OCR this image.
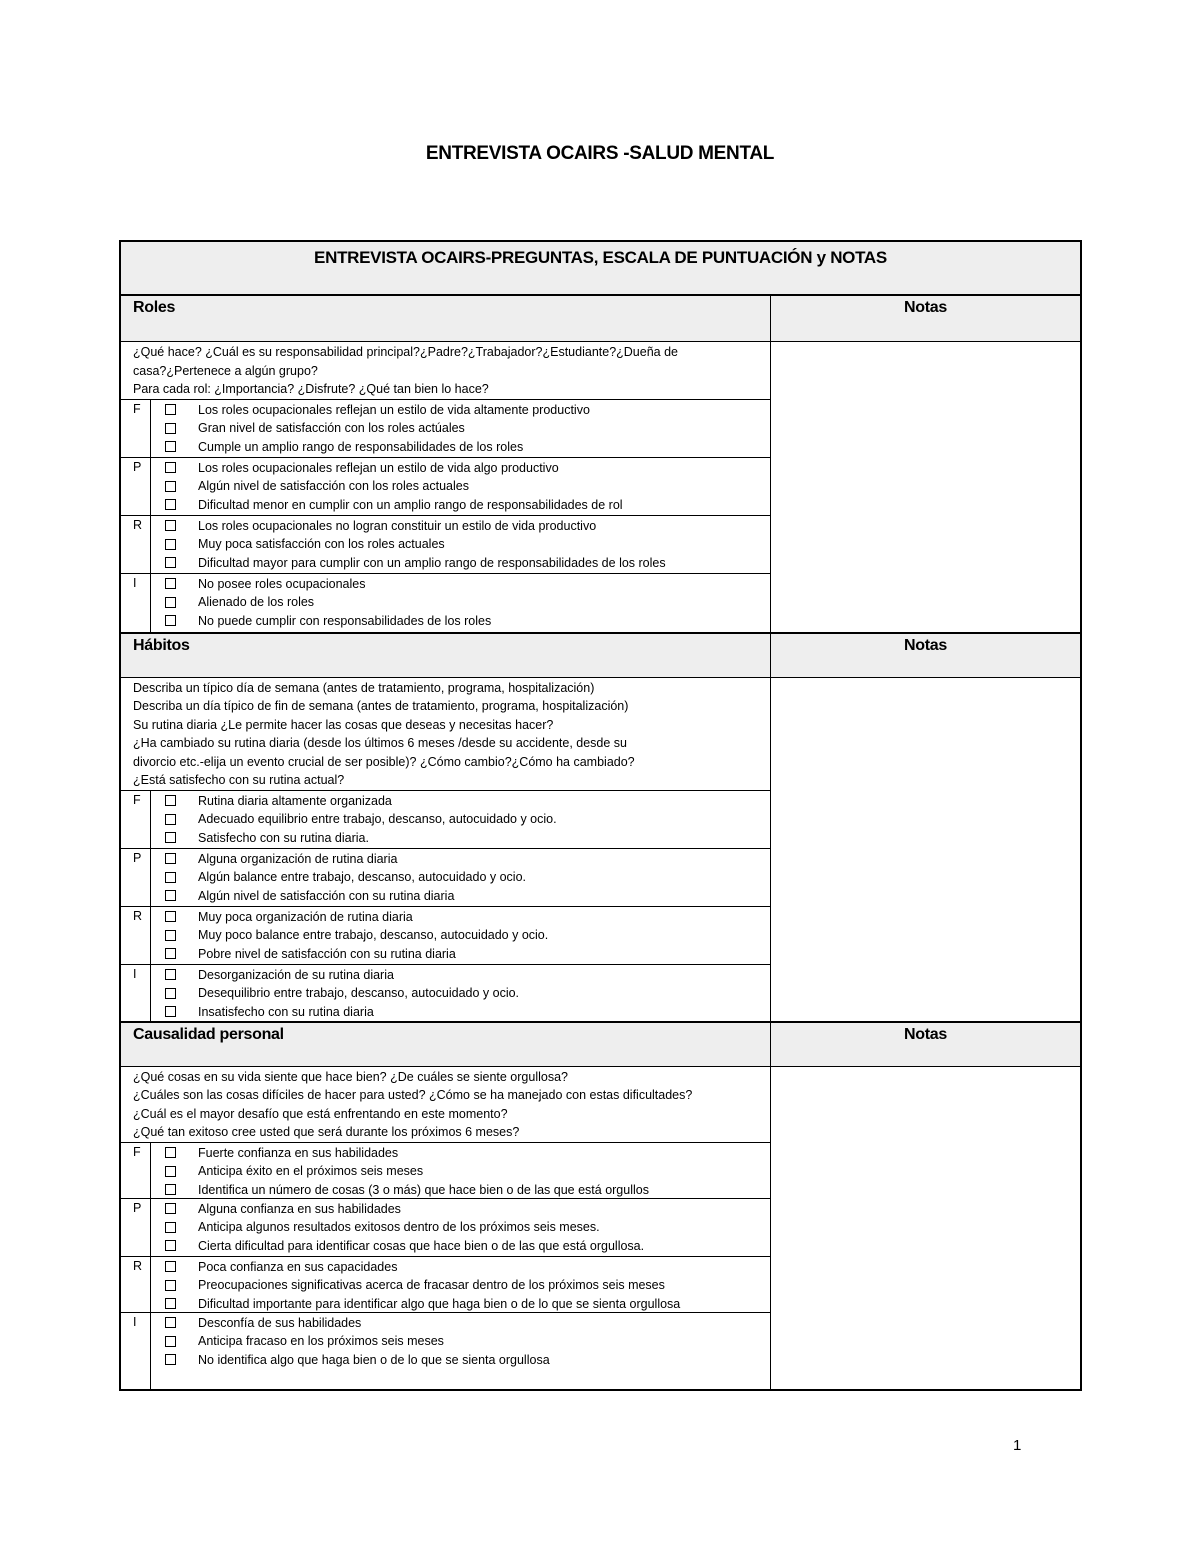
ENTREVISTA OCAIRS -SALUD MENTAL
ENTREVISTA OCAIRS-PREGUNTAS, ESCALA DE PUNTUACIÓN y NOTAS
Roles	Notas
¿Qué hace? ¿Cuál es su responsabilidad principal?¿Padre?¿Trabajador?¿Estudiante?¿Dueña de
casa?¿Pertenece a algún grupo?
Para cada rol: ¿Importancia? ¿Disfrute? ¿Qué tan bien lo hace?
F	Los roles ocupacionales reflejan un estilo de vida altamente productivo
Gran nivel de satisfacción con los roles actúales
Cumple un amplio rango de responsabilidades de los roles
P	Los roles ocupacionales reflejan un estilo de vida algo productivo
Algún nivel de satisfacción con los roles actuales
Dificultad menor en cumplir con un amplio rango de responsabilidades de rol
R	Los roles ocupacionales no logran constituir un estilo de vida productivo
Muy poca satisfacción con los roles actuales
Dificultad mayor para cumplir con un amplio rango de responsabilidades de los roles
I	No posee roles ocupacionales
Alienado de los roles
No puede cumplir con responsabilidades de los roles
Hábitos	Notas
Describa un típico día de semana (antes de tratamiento, programa, hospitalización)
Describa un día típico de fin de semana (antes de tratamiento, programa, hospitalización)
Su rutina diaria ¿Le permite hacer las cosas que deseas y necesitas hacer?
¿Ha cambiado su rutina diaria (desde los últimos 6 meses /desde su accidente, desde su
divorcio etc.-elija un evento crucial de ser posible)? ¿Cómo cambio?¿Cómo ha cambiado?
¿Está satisfecho con su rutina actual?
F	Rutina diaria altamente organizada
Adecuado equilibrio entre trabajo, descanso, autocuidado y ocio.
Satisfecho con su rutina diaria.
P	Alguna organización de rutina diaria
Algún balance entre trabajo, descanso, autocuidado y ocio.
Algún nivel de satisfacción con su rutina diaria
R	Muy poca organización de rutina diaria
Muy poco balance entre trabajo, descanso, autocuidado y ocio.
Pobre nivel de satisfacción con su rutina diaria
I	Desorganización de su rutina diaria
Desequilibrio entre trabajo, descanso, autocuidado y ocio.
Insatisfecho con su rutina diaria
Causalidad personal	Notas
¿Qué cosas en su vida siente que hace bien? ¿De cuáles se siente orgullosa?
¿Cuáles son las cosas difíciles de hacer para usted? ¿Cómo se ha manejado con estas dificultades?
¿Cuál es el mayor desafío que está enfrentando en este momento?
¿Qué tan exitoso cree usted que será durante los próximos 6 meses?
F	Fuerte confianza en sus habilidades
Anticipa éxito en el próximos seis meses
Identifica un número de cosas (3 o más) que hace bien o de las que está orgullos
P	Alguna confianza en sus habilidades
Anticipa algunos resultados exitosos dentro de los próximos seis meses.
Cierta dificultad para identificar cosas que hace bien o de las que está orgullosa.
R	Poca confianza en sus capacidades
Preocupaciones significativas acerca de fracasar dentro de los próximos seis meses
Dificultad importante para identificar algo que haga bien o de lo que se sienta orgullosa
I	Desconfía de sus habilidades
Anticipa fracaso en los próximos seis meses
No identifica algo que haga bien o de lo que se sienta orgullosa
1
